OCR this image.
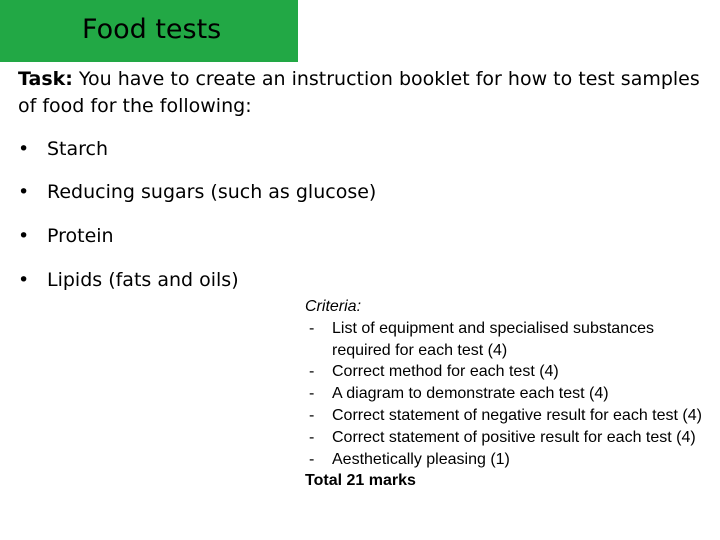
Food tests
Task: You have to create an instruction booklet for how to test samples of food for the following:
• Starch
• Reducing sugars (such as glucose)
• Protein
• Lipids (fats and oils)
Criteria:
- List of equipment and specialised substances required for each test (4)
- Correct method for each test (4)
- A diagram to demonstrate each test (4)
- Correct statement of negative result for each test (4)
- Correct statement of positive result for each test (4)
- Aesthetically pleasing (1)
Total 21 marks
